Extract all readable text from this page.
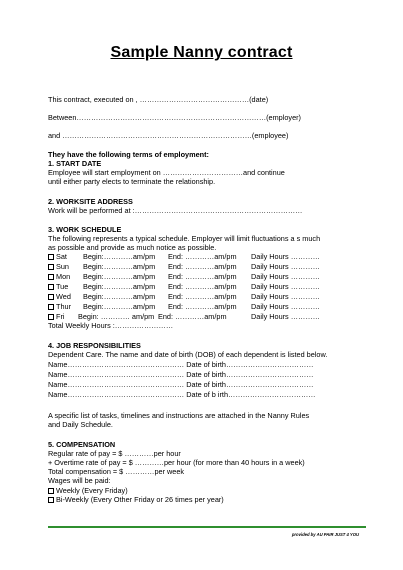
Sample Nanny contract
This contract, executed on , ………………………………………(date)
Between……………………………………………………………………(employer)
and ……………………………………………………………………(employee)
They have the following terms of employment:
1. START DATE
Employee will start employment on ……………………………and continue
until either party elects to terminate the relationship.
2. WORKSITE ADDRESS
Work will be performed at :……………………………………………………………
3. WORK SCHEDULE
The following represents a typical schedule. Employer will limit fluctuations a s much
as possible and provide as much notice as possible.
Sat Begin:…………am/pm End: …………am/pm Daily Hours …………
Sun Begin:…………am/pm End: …………am/pm Daily Hours …………
Mon Begin:…………am/pm End: …………am/pm Daily Hours …………
Tue Begin:…………am/pm End: …………am/pm Daily Hours …………
Wed Begin:…………am/pm End: …………am/pm Daily Hours …………
Thur Begin:…………am/pm End: …………am/pm Daily Hours …………
Fri Begin: ………… am/pm End: …………am/pm	Daily Hours …………
Total Weekly Hours :……………………
4. JOB RESPONSIBILITIES
Dependent Care. The name and date of birth (DOB) of each dependent is listed below.
Name………………………………………… Date of birth………………………………
Name………………………………………… Date of birth………………………………
Name………………………………………… Date of birth………………………………
Name………………………………………… Date of b irth………………………………
A specific list of tasks, timelines and instructions are attached in the Nanny Rules
and Daily Schedule.
5. COMPENSATION
Regular rate of pay = $ …………per hour
+ Overtime rate of pay = $ …………per hour (for more than 40 hours in a week)
Total compensation = $ …………per week
Wages will be paid:
Weekly (Every Friday)
Bi-Weekly (Every Other Friday or 26 times per year)
provided by AU PAIR JUST 4 YOU
